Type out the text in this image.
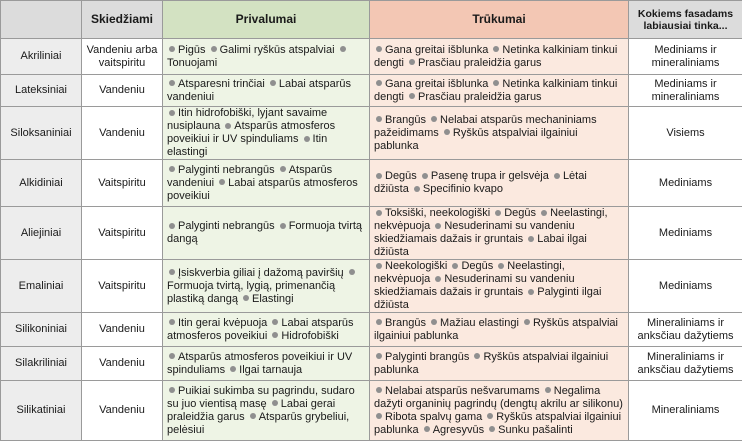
	Skiedžiami	Privalumai	Trūkumai	Kokiems fasadams labiausiai tinka...
Akriliniai	Vandeniu arba vaitspiritu	Pigūs Galimi ryškūs atspalviai Tonuojami	Gana greitai išblunka Netinka kalkiniam tinkui dengti Prasčiau praleidžia garus	Mediniams ir mineraliniams
Lateksiniai	Vandeniu	Atsparesni trinčiai Labai atsparūs vandeniui	Gana greitai išblunka Netinka kalkiniam tinkui dengti Prasčiau praleidžia garus	Mediniams ir mineraliniams
Siloksaniniai	Vandeniu	Itin hidrofobiški, lyjant savaime nusiplauna Atsparūs atmosferos poveikiui ir UV spinduliams Itin elastingi	Brangūs Nelabai atsparūs mechaniniams pažeidimams Ryškūs atspalviai ilgainiui pablunka	Visiems
Alkidiniai	Vaitspiritu	Palyginti nebrangūs Atsparūs vandeniui Labai atsparūs atmosferos poveikiui	Degūs Pasenę trupa ir gelsvėja Lėtai džiūsta Specifinio kvapo	Mediniams
Aliejiniai	Vaitspiritu	Palyginti nebrangūs Formuoja tvirtą dangą	Toksiški, neekologiški Degūs Neelastingi, nekvėpuoja Nesuderinami su vandeniu skiedžiamais dažais ir gruntais Labai ilgai džiūsta	Mediniams
Emaliniai	Vaitspiritu	Įsiskverbia giliai į dažomą paviršių Formuoja tvirtą, lygią, primenančią plastiką dangą Elastingi	Neekologiški Degūs Neelastingi, nekvėpuoja Nesuderinami su vandeniu skiedžiamais dažais ir gruntais Palyginti ilgai džiūsta	Mediniams
Silikoniniai	Vandeniu	Itin gerai kvėpuoja Labai atsparūs atmosferos poveikiui Hidrofobiški	Brangūs Mažiau elastingi Ryškūs atspalviai ilgainiui pablunka	Mineraliniams ir anksčiau dažytiems
Silakriliniai	Vandeniu	Atsparūs atmosferos poveikiui ir UV spinduliams Ilgai tarnauja	Palyginti brangūs Ryškūs atspalviai ilgainiui pablunka	Mineraliniams ir anksčiau dažytiems
Silikatiniai	Vandeniu	Puikiai sukimba su pagrindu, sudaro su juo vientisą masę Labai gerai praleidžia garus Atsparūs grybeliui, pelėsiui	Nelabai atsparūs nešvarumams Negalima dažyti organinių pagrindų (dengtų akrilu ar silikonu) Ribota spalvų gama Ryškūs atspalviai ilgainiui pablunka Agresyvūs Sunku pašalinti	Mineraliniams
